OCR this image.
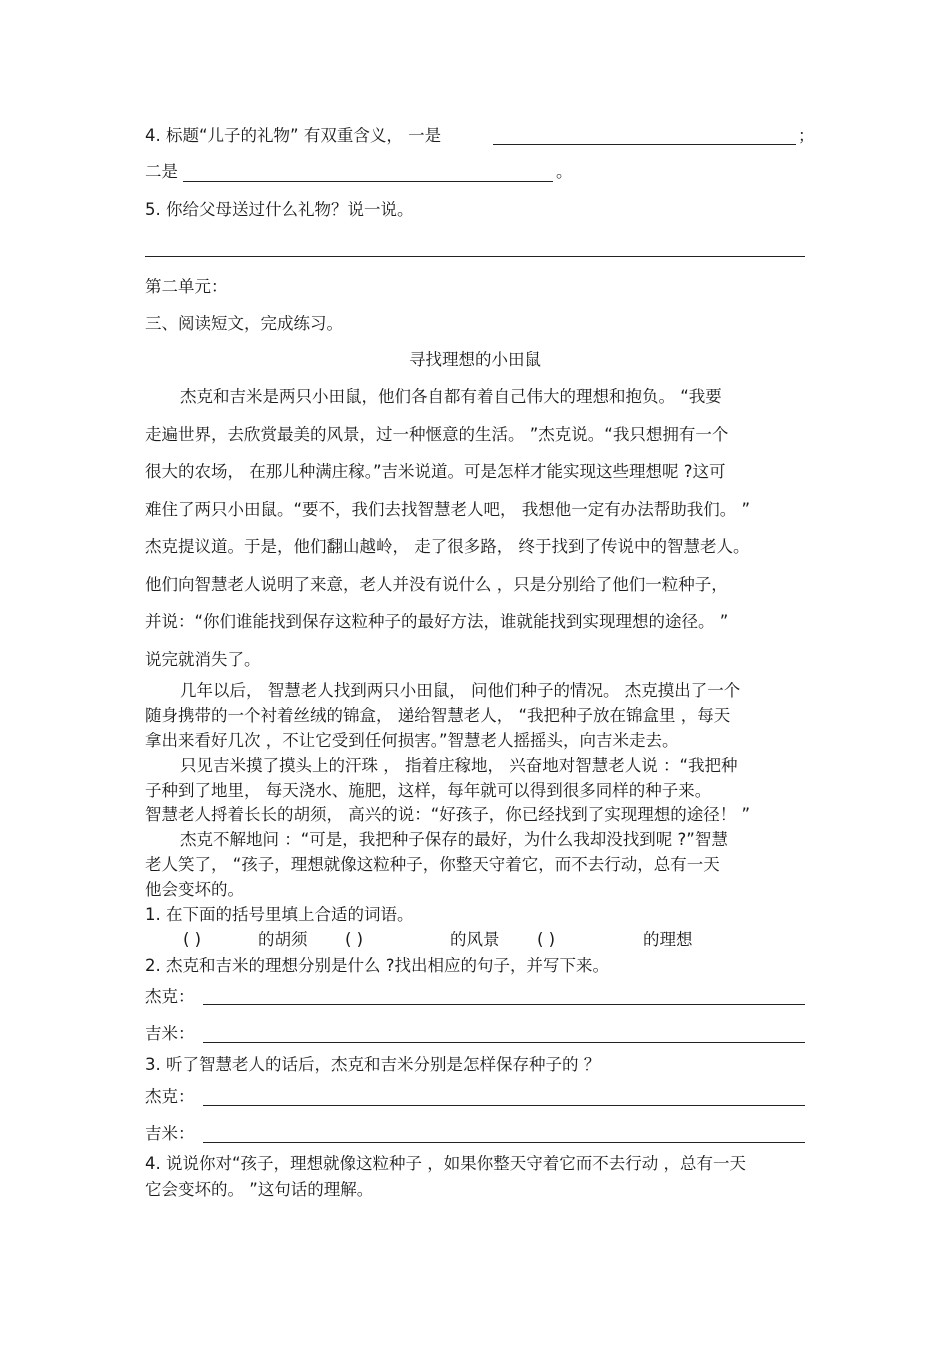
4. 标题“儿子的礼物” 有双重含义， 一是	；
二是	。
5. 你给父母送过什么礼物？说一说。
第二单元：
三、阅读短文，完成练习。
寻找理想的小田鼠
杰克和吉米是两只小田鼠，他们各自都有着自己伟大的理想和抱负。 “我要
走遍世界，去欣赏最美的风景，过一种惬意的生活。 ”杰克说。“我只想拥有一个
很大的农场， 在那儿种满庄稼。”吉米说道。可是怎样才能实现这些理想呢 ?这可
难住了两只小田鼠。“要不，我们去找智慧老人吧， 我想他一定有办法帮助我们。 ”
杰克提议道。于是，他们翻山越岭， 走了很多路， 终于找到了传说中的智慧老人。
他们向智慧老人说明了来意，老人并没有说什么 ，只是分别给了他们一粒种子，
并说：“你们谁能找到保存这粒种子的最好方法，谁就能找到实现理想的途径。 ”
说完就消失了。
几年以后， 智慧老人找到两只小田鼠， 问他们种子的情况。 杰克摸出了一个
随身携带的一个衬着丝绒的锦盒， 递给智慧老人， “我把种子放在锦盒里 ，每天
拿出来看好几次 ，不让它受到任何损害。”智慧老人摇摇头，向吉米走去。
只见吉米摸了摸头上的汗珠 ， 指着庄稼地， 兴奋地对智慧老人说 ：“我把种
子种到了地里， 每天浇水、施肥，这样，每年就可以得到很多同样的种子来。
智慧老人捋着长长的胡须， 高兴的说：“好孩子，你已经找到了实现理想的途径！ ”
杰克不解地问 ：“可是，我把种子保存的最好，为什么我却没找到呢 ?”智慧
老人笑了， “孩子，理想就像这粒种子，你整天守着它，而不去行动，总有一天
他会变坏的。
1. 在下面的括号里填上合适的词语。
( )	的胡须 ( )	的风景 ( )	的理想
2. 杰克和吉米的理想分别是什么 ?找出相应的句子，并写下来。
杰克：
吉米：
3. 听了智慧老人的话后，杰克和吉米分别是怎样保存种子的 ？
杰克：
吉米：
4. 说说你对“孩子，理想就像这粒种子 ，如果你整天守着它而不去行动 ，总有一天
它会变坏的。 ”这句话的理解。
